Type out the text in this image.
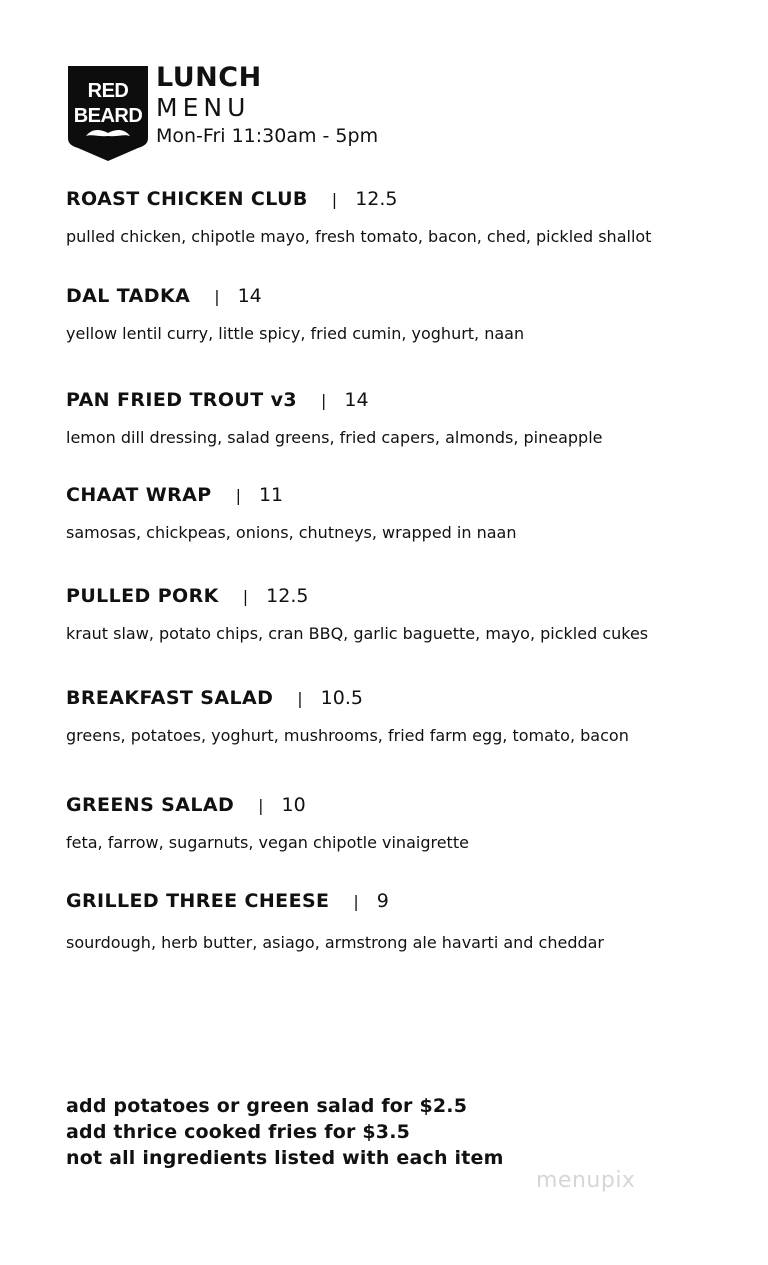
RED
BEARD
LUNCH
MENU
Mon-Fri 11:30am - 5pm
ROAST CHICKEN CLUB | 12.5
pulled chicken, chipotle mayo, fresh tomato, bacon, ched, pickled shallot
DAL TADKA | 14
yellow lentil curry, little spicy, fried cumin, yoghurt, naan
PAN FRIED TROUT v3 | 14
lemon dill dressing, salad greens, fried capers, almonds, pineapple
CHAAT WRAP | 11
samosas, chickpeas, onions, chutneys, wrapped in naan
PULLED PORK | 12.5
kraut slaw, potato chips, cran BBQ, garlic baguette, mayo, pickled cukes
BREAKFAST SALAD | 10.5
greens, potatoes, yoghurt, mushrooms, fried farm egg, tomato, bacon
GREENS SALAD | 10
feta, farrow, sugarnuts, vegan chipotle vinaigrette
GRILLED THREE CHEESE | 9
sourdough, herb butter, asiago, armstrong ale havarti and cheddar
add potatoes or green salad for $2.5
add thrice cooked fries for $3.5
not all ingredients listed with each item
menupix
